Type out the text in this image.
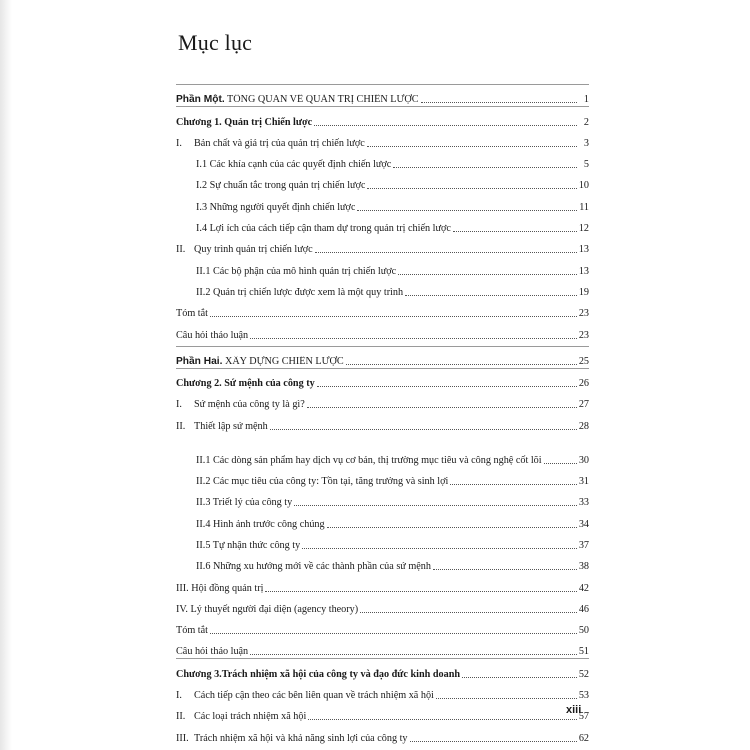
Mục lục
Phần Một. TỔNG QUAN VỀ QUẢN TRỊ CHIẾN LƯỢC	1
Chương 1. Quản trị Chiến lược	2
I. Bản chất và giá trị của quản trị chiến lược	3
I.1 Các khía cạnh của các quyết định chiến lược	5
I.2 Sự chuẩn tắc trong quản trị chiến lược	10
I.3 Những người quyết định chiến lược	11
I.4 Lợi ích của cách tiếp cận tham dự trong quản trị chiến lược	12
II. Quy trình quản trị chiến lược	13
II.1 Các bộ phận của mô hình quản trị chiến lược	13
II.2 Quản trị chiến lược được xem là một quy trình	19
Tóm tắt	23
Câu hỏi thảo luận	23
Phần Hai. XÂY DỰNG CHIẾN LƯỢC	25
Chương 2. Sứ mệnh của công ty	26
I. Sứ mệnh của công ty là gì?	27
II. Thiết lập sứ mệnh	28
II.1 Các dòng sản phẩm hay dịch vụ cơ bản, thị trường mục tiêu và công nghệ cốt lõi	30
II.2 Các mục tiêu của công ty: Tồn tại, tăng trưởng và sinh lợi	31
II.3 Triết lý của công ty	33
II.4 Hình ảnh trước công chúng	34
II.5 Tự nhận thức công ty	37
II.6 Những xu hướng mới về các thành phần của sứ mệnh	38
III. Hội đồng quản trị	42
IV. Lý thuyết người đại diện (agency theory)	46
Tóm tắt	50
Câu hỏi thảo luận	51
Chương 3.Trách nhiệm xã hội của công ty và đạo đức kinh doanh	52
I. Cách tiếp cận theo các bên liên quan về trách nhiệm xã hội	53
II. Các loại trách nhiệm xã hội	57
III. Trách nhiệm xã hội và khả năng sinh lợi của công ty	62
xiii
